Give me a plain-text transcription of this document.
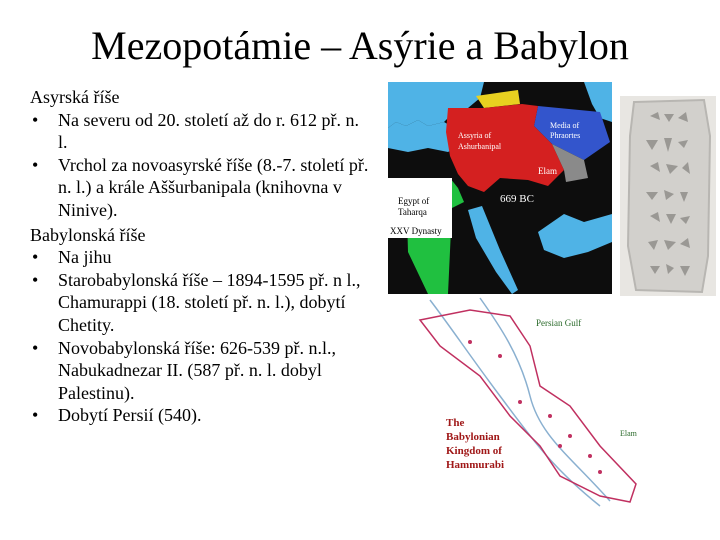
Mezopotámie – Asýrie a Babylon

Asyrská říše

• Na severu od 20. století až do r. 612 př. n. l.
• Vrchol za novoasyrské říše (8.-7. století př. n. l.) a krále Aššurbanipala (knihovna v Ninive).

Babylonská říše

• Na jihu
• Starobabylonská říše – 1894-1595 př. n l., Chamurappi (18. století př. n. l.), dobytí Chetity.
• Novobabylonská říše: 626-539 př. n.l., Nabukadnezar II. (587 př. n. l. dobyl Palestinu).
• Dobytí Persií (540).
Urartu
Assyria of Ashurbanipal
Media of Phraortes
Elam
669 BC
Egypt of Taharqa
XXV Dynasty
Persian Gulf
Elam
The Babylonian Kingdom of Hammurabi
